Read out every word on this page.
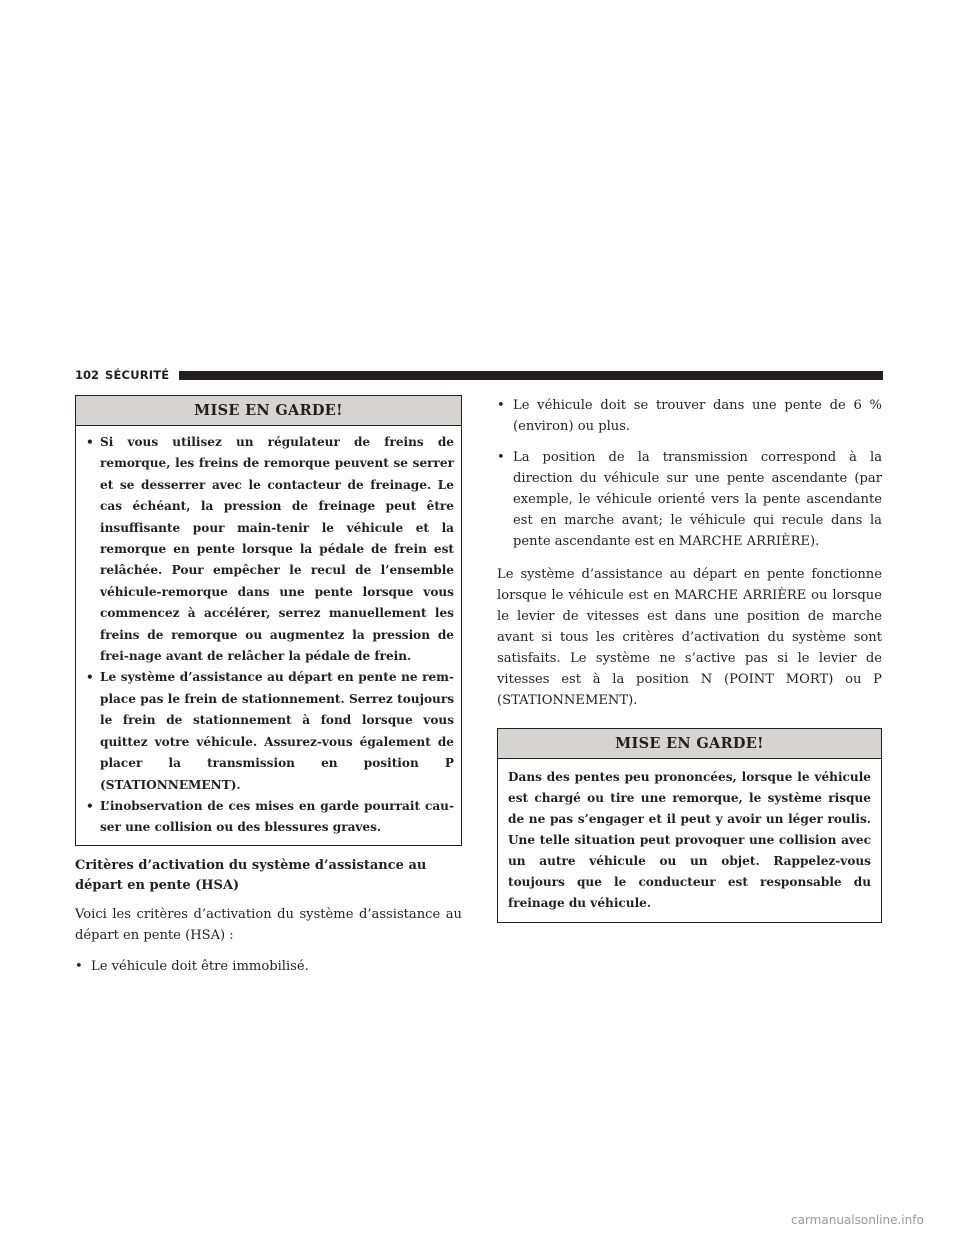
102 SÉCURITÉ
MISE EN GARDE!
• Si vous utilisez un régulateur de freins de remorque, les freins de remorque peuvent se serrer et se desserrer avec le contacteur de freinage. Le cas échéant, la pression de freinage peut être insuffisante pour main-tenir le véhicule et la remorque en pente lorsque la pédale de frein est relâchée. Pour empêcher le recul de l’ensemble véhicule-remorque dans une pente lorsque vous commencez à accélérer, serrez manuellement les freins de remorque ou augmentez la pression de frei-nage avant de relâcher la pédale de frein.
• Le système d’assistance au départ en pente ne rem-place pas le frein de stationnement. Serrez toujours le frein de stationnement à fond lorsque vous quittez votre véhicule. Assurez-vous également de placer la transmission en position P (STATIONNEMENT).
• L’inobservation de ces mises en garde pourrait cau-ser une collision ou des blessures graves.
Critères d’activation du système d’assistance au départ en pente (HSA)
Voici les critères d’activation du système d’assistance au départ en pente (HSA) :
• Le véhicule doit être immobilisé.
• Le véhicule doit se trouver dans une pente de 6 % (environ) ou plus.
• La position de la transmission correspond à la direction du véhicule sur une pente ascendante (par exemple, le véhicule orienté vers la pente ascendante est en marche avant; le véhicule qui recule dans la pente ascendante est en MARCHE ARRIÈRE).
Le système d’assistance au départ en pente fonctionne lorsque le véhicule est en MARCHE ARRIÈRE ou lorsque le levier de vitesses est dans une position de marche avant si tous les critères d’activation du système sont satisfaits. Le système ne s’active pas si le levier de vitesses est à la position N (POINT MORT) ou P (STATIONNEMENT).
MISE EN GARDE!
Dans des pentes peu prononcées, lorsque le véhicule est chargé ou tire une remorque, le système risque de ne pas s’engager et il peut y avoir un léger roulis. Une telle situation peut provoquer une collision avec un autre véhicule ou un objet. Rappelez-vous toujours que le conducteur est responsable du freinage du véhicule.
carmanualsonline.info
